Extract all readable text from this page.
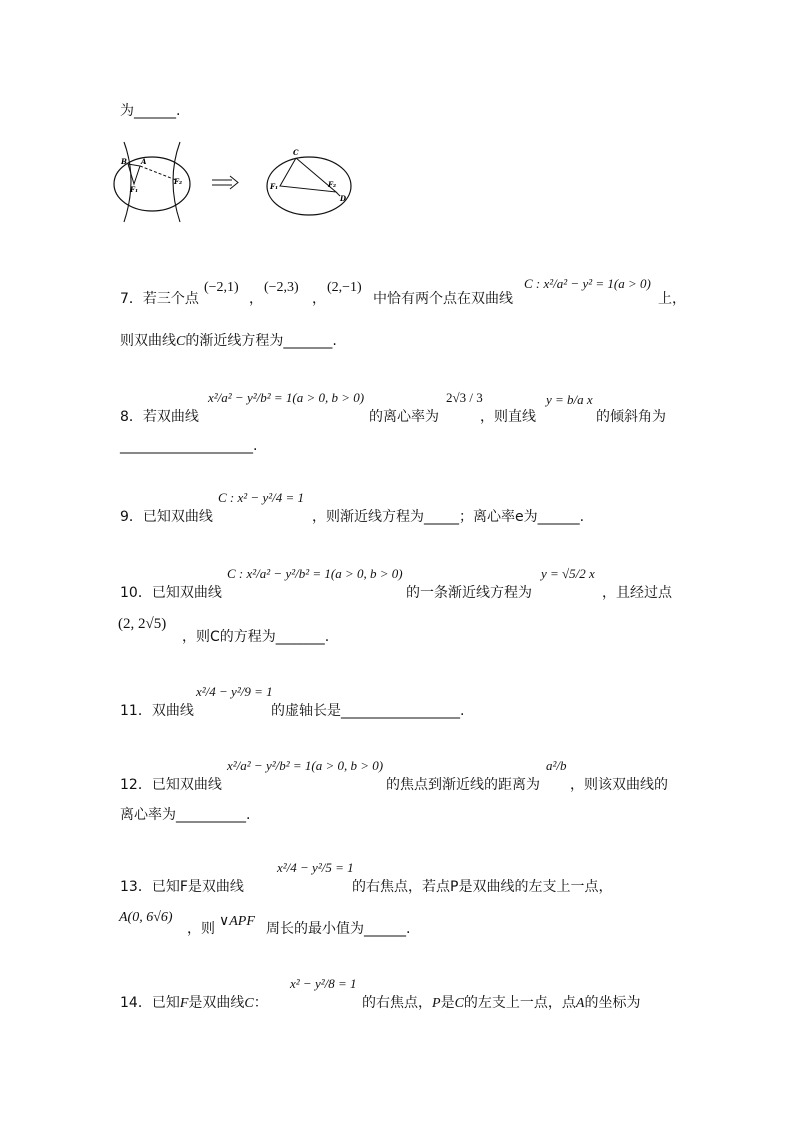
为______.
B A
F₁
F₂
C
F₁	F₂
D
7．若三个点
(−2,1)
，
(−2,3)
，
(2,−1)
中恰有两个点在双曲线
C : x²/a² − y² = 1(a > 0)
上，
则双曲线C的渐近线方程为_______.
8．若双曲线
x²/a² − y²/b² = 1(a > 0, b > 0)
的离心率为
2√3 / 3
，则直线
y = b/a x
的倾斜角为
___________________.
9．已知双曲线
C : x² − y²/4 = 1
，则渐近线方程为_____；离心率e为______.
10．已知双曲线
C : x²/a² − y²/b² = 1(a > 0, b > 0)
的一条渐近线方程为
y = √5/2 x
，且经过点
(2, 2√5)
，则C的方程为_______.
11．双曲线
x²/4 − y²/9 = 1
的虚轴长是_________________.
12．已知双曲线
x²/a² − y²/b² = 1(a > 0, b > 0)
的焦点到渐近线的距离为
a²/b
，则该双曲线的
离心率为__________.
13．已知F是双曲线
x²/4 − y²/5 = 1
的右焦点，若点P是双曲线的左支上一点，
A(0, 6√6)
，则 ∨APF 周长的最小值为______.
14．已知F是双曲线C：
x² − y²/8 = 1
的右焦点，P是C的左支上一点，点A的坐标为
